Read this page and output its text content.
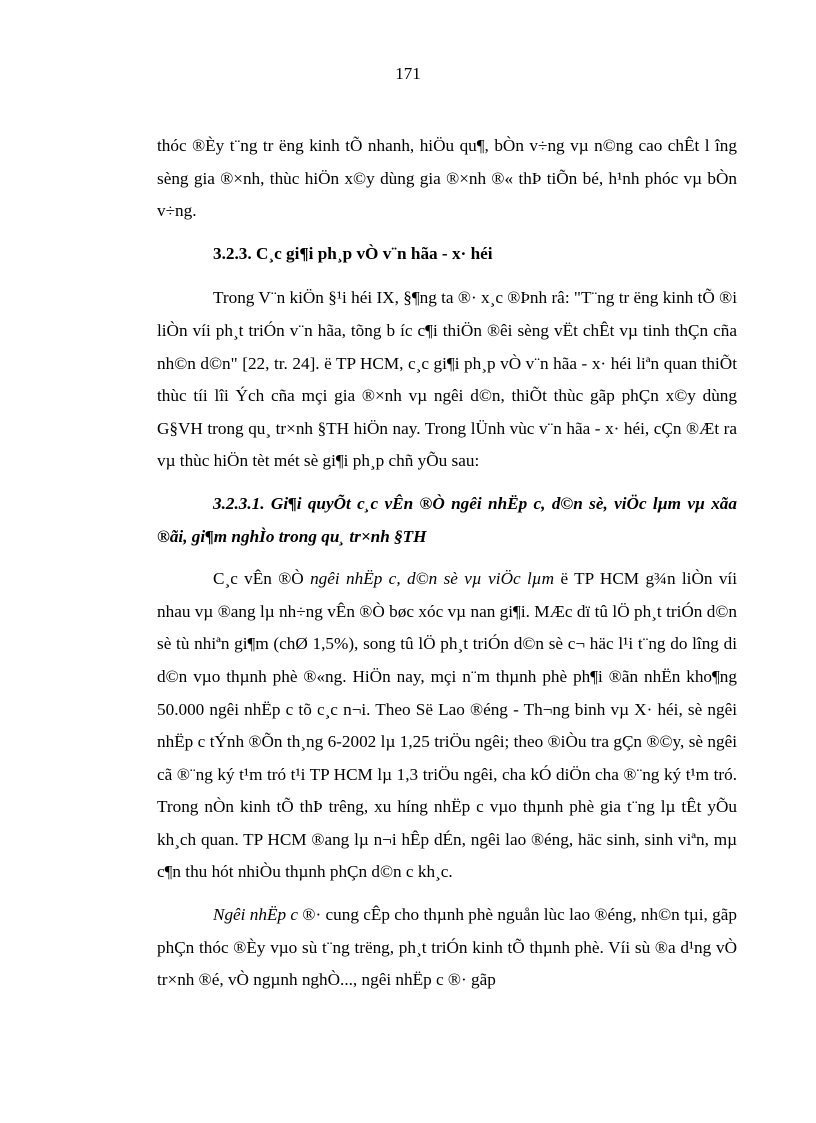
171

thóc ®Èy t¨ng tr ëng kinh tÕ nhanh, hiÖu qu¶, bÒn v÷ng vµ n©ng cao chÊt l îng sèng gia ®×nh, thùc hiÖn x©y dùng gia ®×nh ®« thÞ tiÕn bé, h¹nh phóc vµ bÒn v÷ng.

3.2.3. C¸c gi¶i ph¸p vÒ v¨n hãa - x· héi

Trong V¨n kiÖn §¹i héi IX, §¶ng ta ®· x¸c ®Þnh râ: "T¨ng tr ëng kinh tÕ ®i liÒn víi ph¸t triÓn v¨n hãa, tõng b íc c¶i thiÖn ®êi sèng vËt chÊt vµ tinh thÇn cña nh©n d©n" [22, tr. 24]. ë TP HCM, c¸c gi¶i ph¸p vÒ v¨n hãa - x· héi liªn quan thiÕt thùc tíi lîi Ých cña mçi gia ®×nh vµ ngêi d©n, thiÕt thùc gãp phÇn x©y dùng G§VH trong qu¸ tr×nh §TH hiÖn nay. Trong lÜnh vùc v¨n hãa - x· héi, cÇn ®Æt ra vµ thùc hiÖn tèt mét sè gi¶i ph¸p chñ yÕu sau:

3.2.3.1. Gi¶i quyÕt c¸c vÊn ®Ò ngêi nhËp c, d©n sè, viÖc lµm vµ xãa ®ãi, gi¶m nghÌo trong qu¸ tr×nh §TH

C¸c vÊn ®Ò ngêi nhËp c, d©n sè vµ viÖc lµm ë TP HCM g¾n liÒn víi nhau vµ ®ang lµ nh÷ng vÊn ®Ò bøc xóc vµ nan gi¶i. MÆc dï tû lÖ ph¸t triÓn d©n sè tù nhiªn gi¶m (chØ 1,5%), song tû lÖ ph¸t triÓn d©n sè c¬ häc l¹i t¨ng do lîng di d©n vµo thµnh phè ®«ng. HiÖn nay, mçi n¨m thµnh phè ph¶i ®ãn nhËn kho¶ng 50.000 ngêi nhËp c tõ c¸c n¬i. Theo Së Lao ®éng - Th¬ng binh vµ X· héi, sè ngêi nhËp c tÝnh ®Õn th¸ng 6-2002 lµ 1,25 triÖu ngêi; theo ®iÒu tra gÇn ®©y, sè ngêi cã ®¨ng ký t¹m tró t¹i TP HCM lµ 1,3 triÖu ngêi, cha kÓ diÖn cha ®¨ng ký t¹m tró. Trong nÒn kinh tÕ thÞ trêng, xu híng nhËp c vµo thµnh phè gia t¨ng lµ tÊt yÕu kh¸ch quan. TP HCM ®ang lµ n¬i hÊp dÉn, ngêi lao ®éng, häc sinh, sinh viªn, mµ c¶n thu hót nhiÒu thµnh phÇn d©n c kh¸c.

Ngêi nhËp c ®· cung cÊp cho thµnh phè nguån lùc lao ®éng, nh©n tµi, gãp phÇn thóc ®Èy vµo sù t¨ng trëng, ph¸t triÓn kinh tÕ thµnh phè. Víi sù ®a d¹ng vÒ tr×nh ®é, vÒ ngµnh nghÒ..., ngêi nhËp c ®· gãp
